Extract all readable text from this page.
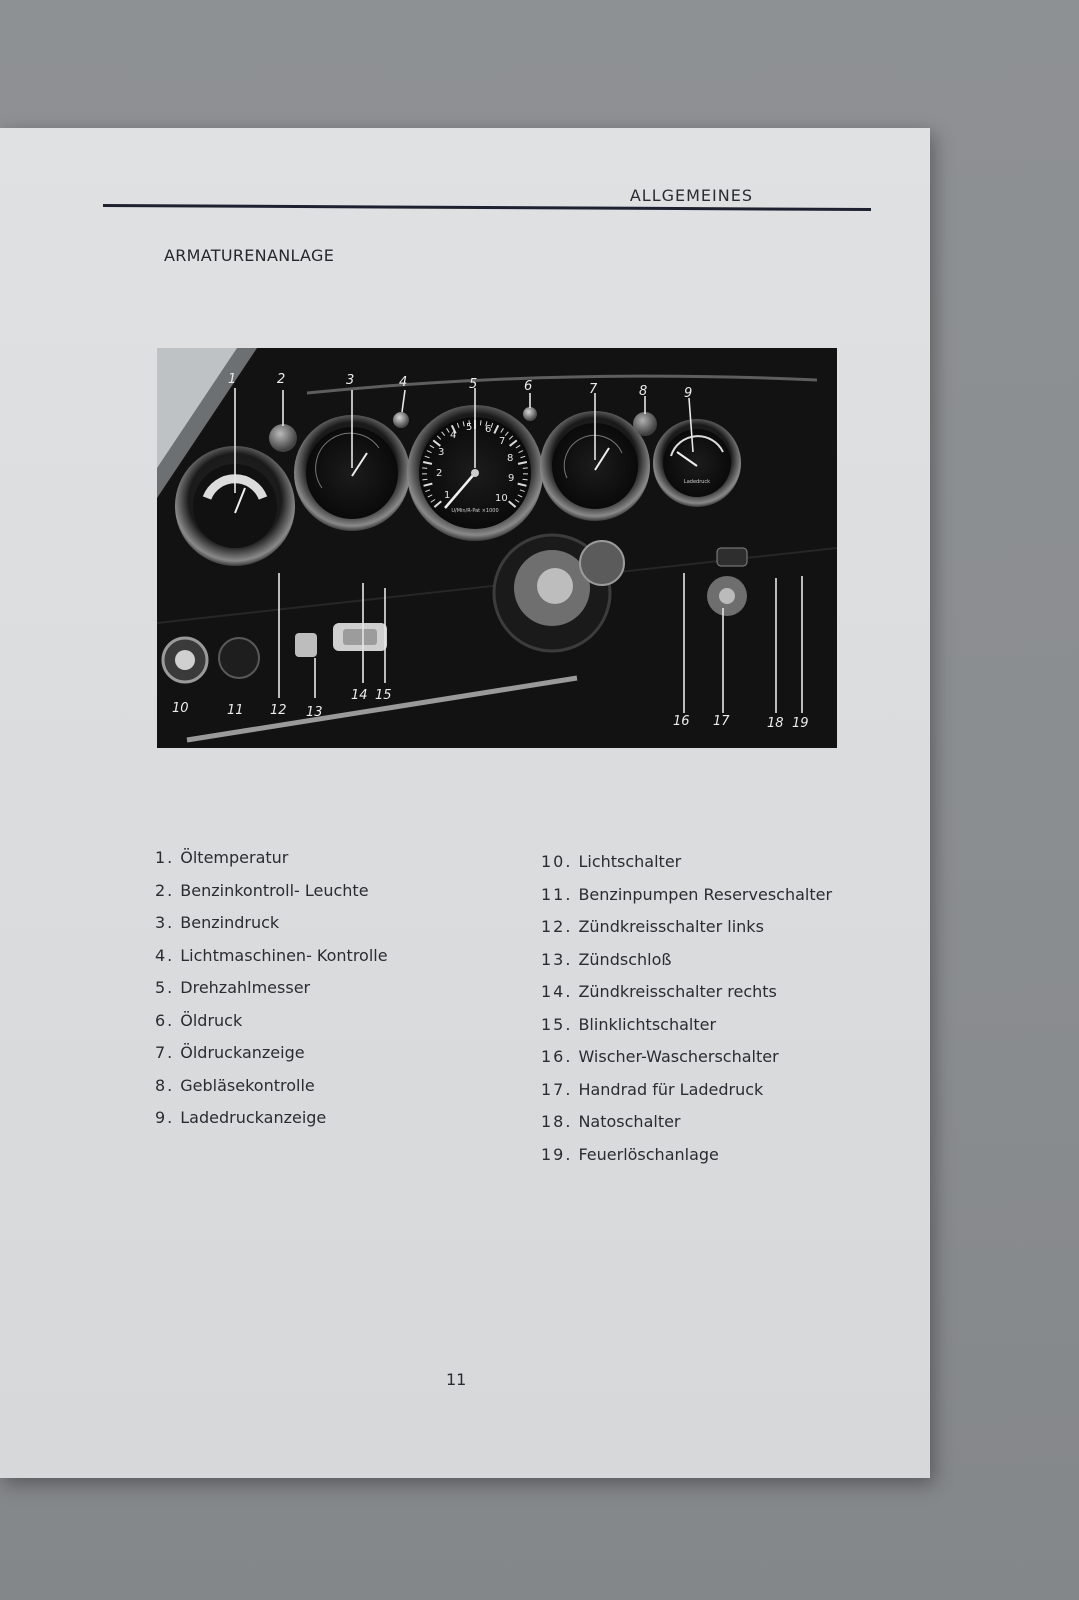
ALLGEMEINES
ARMATURENANLAGE
1
2
3
4
5 6
7
8
9
10
U/Min/R-Pat ×1000
Ladedruck
1	2	3	4	5	6	7	8	9
10	11 12 13
14 15
16 17	18 19
1. Öltemperatur
2. Benzinkontroll- Leuchte
3. Benzindruck
4. Lichtmaschinen- Kontrolle
5. Drehzahlmesser
6. Öldruck
7. Öldruckanzeige
8. Gebläsekontrolle
9. Ladedruckanzeige
10. Lichtschalter
11. Benzinpumpen Reserveschalter
12. Zündkreisschalter links
13. Zündschloß
14. Zündkreisschalter rechts
15. Blinklichtschalter
16. Wischer-Wascherschalter
17. Handrad für Ladedruck
18. Natoschalter
19. Feuerlöschanlage
11
